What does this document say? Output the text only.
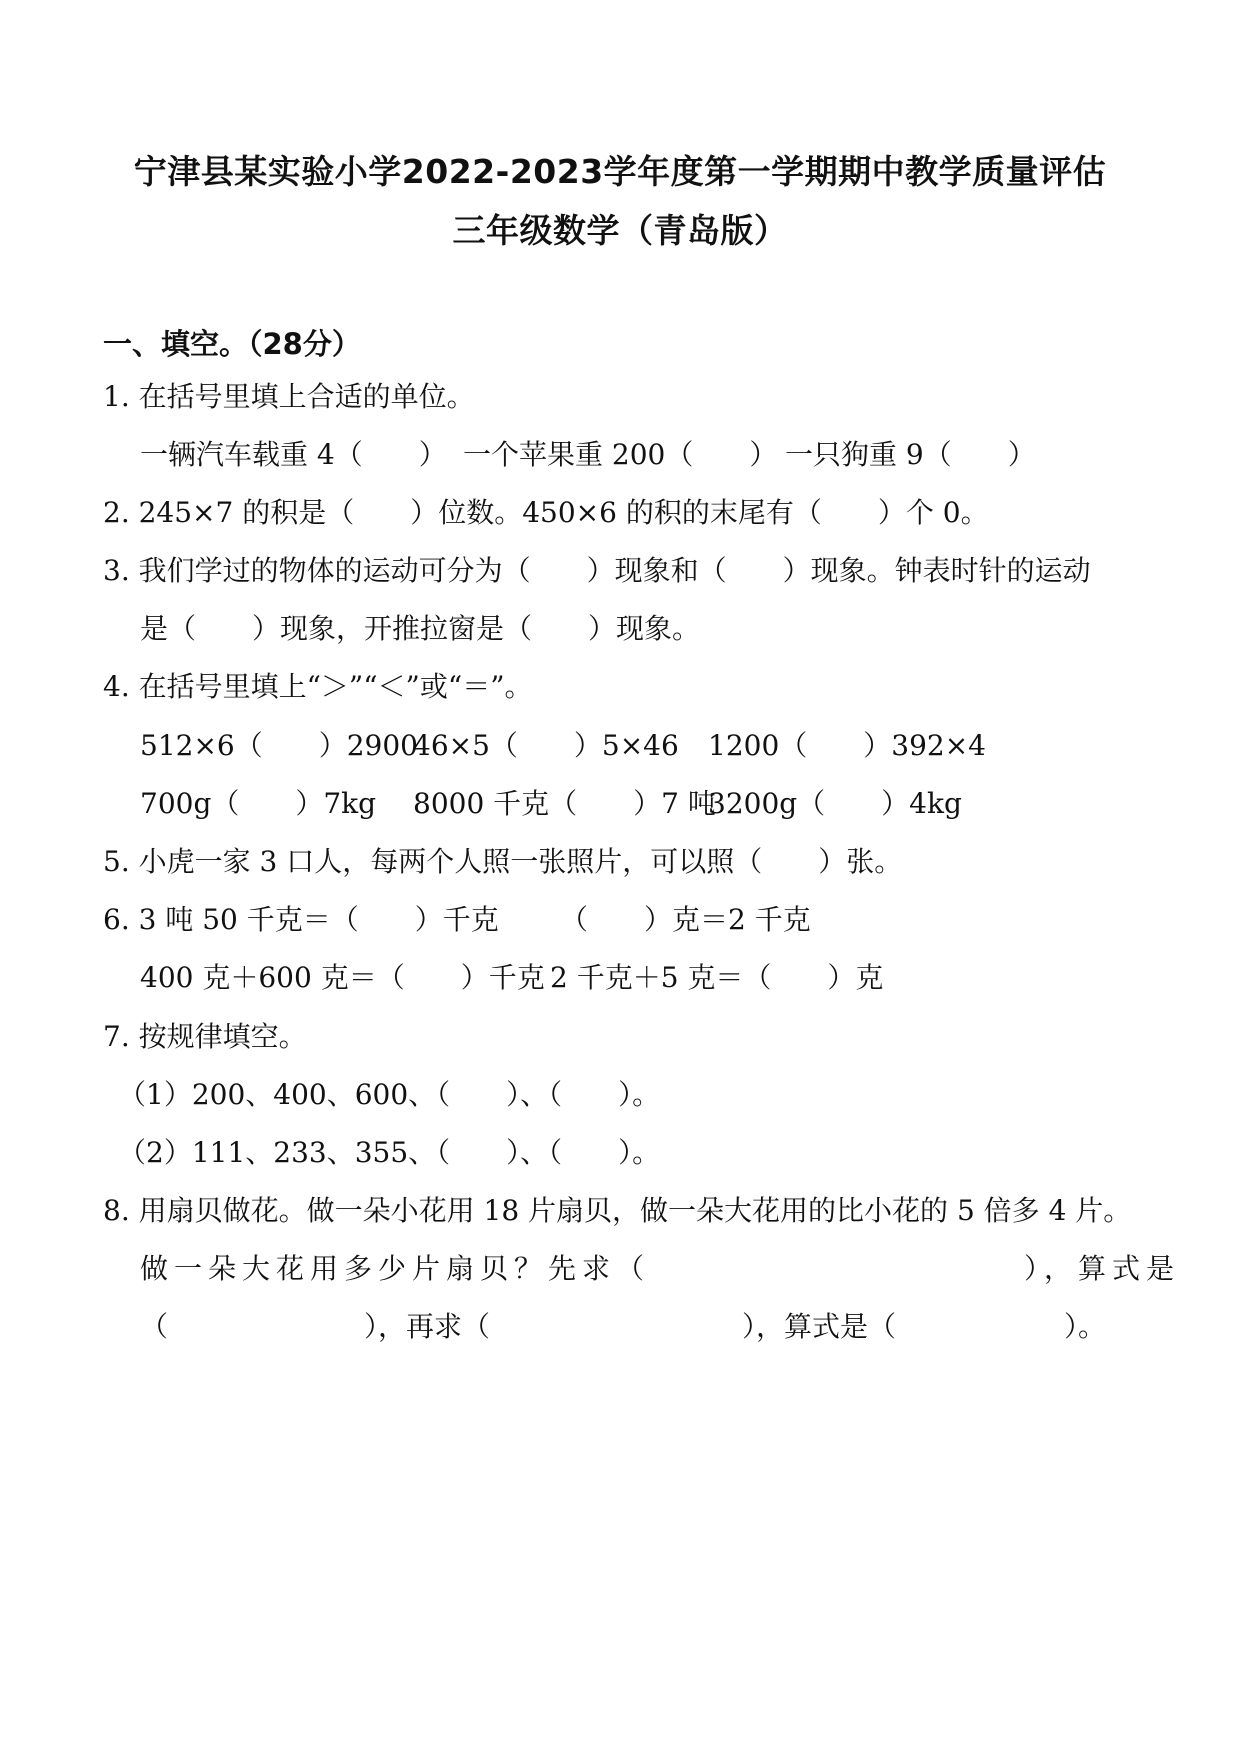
宁津县某实验小学2022-2023学年度第一学期期中教学质量评估
三年级数学（青岛版）
一、填空。（28分）
1. 在括号里填上合适的单位。
一辆汽车载重 4（　　） 一个苹果重 200（　　） 一只狗重 9（　　）
2. 245×7 的积是（　　）位数。450×6 的积的末尾有（　　）个 0。
3. 我们学过的物体的运动可分为（　　）现象和（　　）现象。钟表时针的运动
是（　　）现象，开推拉窗是（　　）现象。
4. 在括号里填上“＞”“＜”或“＝”。
512×6（　　）2900
46×5（　　）5×46 1200（　　）392×4
700g（　　）7kg 8000 千克（　　）7 吨
3200g（　　）4kg
5. 小虎一家 3 口人，每两个人照一张照片，可以照（　　）张。
6. 3 吨 50 千克＝（　　）千克 （　　）克＝2 千克
400 克＋600 克＝（　　）千克 2 千克＋5 克＝（　　）克
7. 按规律填空。
（1）200、400、600、（　　）、（　　）。
（2）111、233、355、（　　）、（　　）。
8. 用扇贝做花。做一朵小花用 18 片扇贝，做一朵大花用的比小花的 5 倍多 4 片。
做一朵大花用多少片扇贝？先求（　　　　　　　　　　　），算式是
（　　　　　　　），再求（　　　　　　　　　），算式是（　　　　　　）。
